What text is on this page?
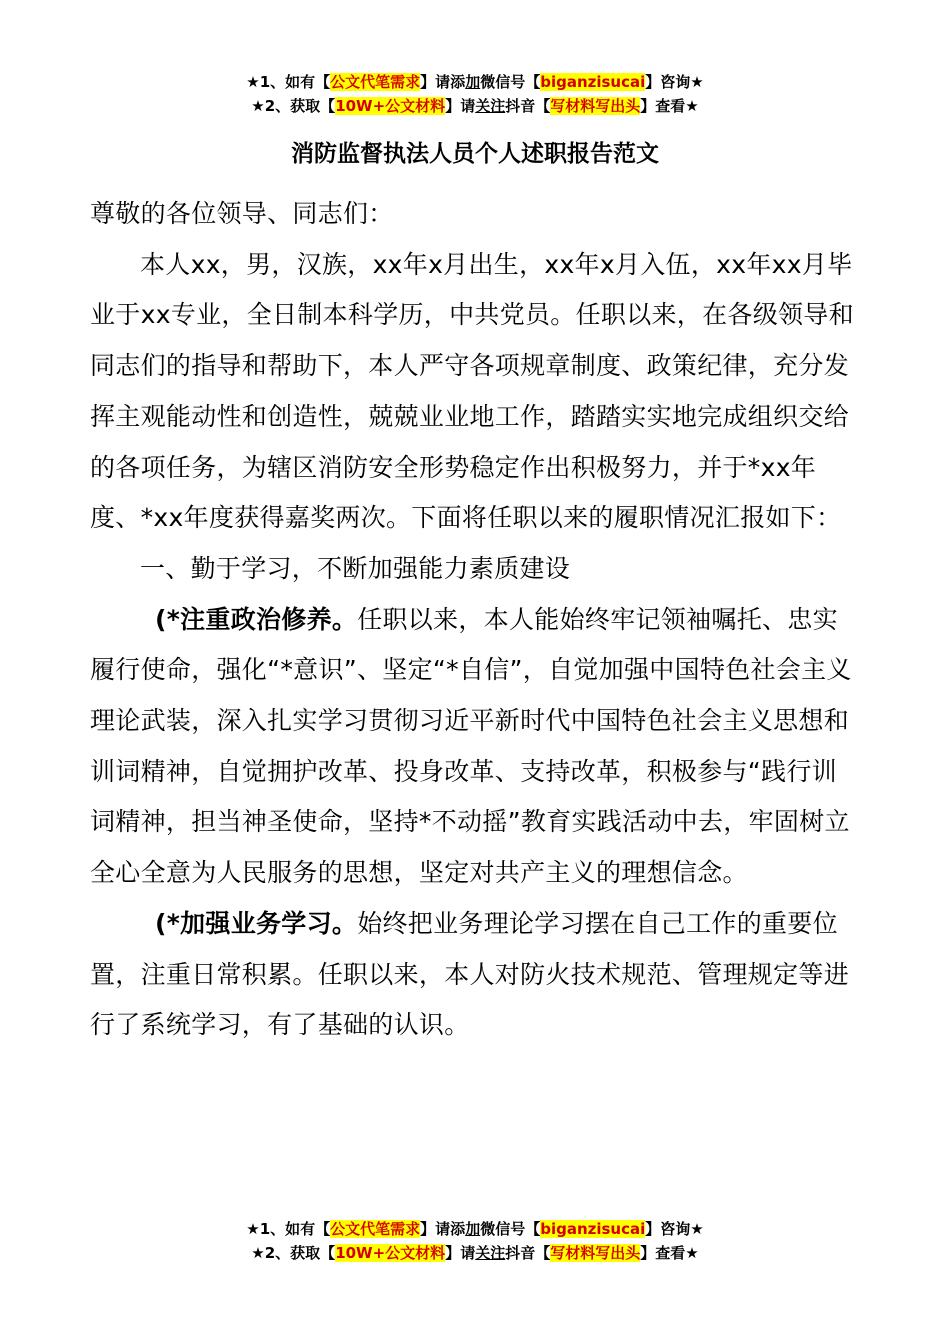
★1、如有【公文代笔需求】请添加微信号【biganzisucai】咨询★
★2、获取【10W+公文材料】请关注抖音【写材料写出头】查看★
消防监督执法人员个人述职报告范文

尊敬的各位领导、同志们：

本人xx，男，汉族，xx年x月出生，xx年x月入伍，xx年xx月毕业于xx专业，全日制本科学历，中共党员。任职以来，在各级领导和同志们的指导和帮助下，本人严守各项规章制度、政策纪律，充分发挥主观能动性和创造性，兢兢业业地工作，踏踏实实地完成组织交给的各项任务，为辖区消防安全形势稳定作出积极努力，并于*xx年度、*xx年度获得嘉奖两次。下面将任职以来的履职情况汇报如下：

一、勤于学习，不断加强能力素质建设

(*注重政治修养。任职以来，本人能始终牢记领袖嘱托、忠实履行使命，强化“*意识”、坚定“*自信”，自觉加强中国特色社会主义理论武装，深入扎实学习贯彻习近平新时代中国特色社会主义思想和训词精神，自觉拥护改革、投身改革、支持改革，积极参与“践行训词精神，担当神圣使命，坚持*不动摇”教育实践活动中去，牢固树立全心全意为人民服务的思想，坚定对共产主义的理想信念。

(*加强业务学习。始终把业务理论学习摆在自己工作的重要位置，注重日常积累。任职以来，本人对防火技术规范、管理规定等进行了系统学习，有了基础的认识。

★1、如有【公文代笔需求】请添加微信号【biganzisucai】咨询★
★2、获取【10W+公文材料】请关注抖音【写材料写出头】查看★
